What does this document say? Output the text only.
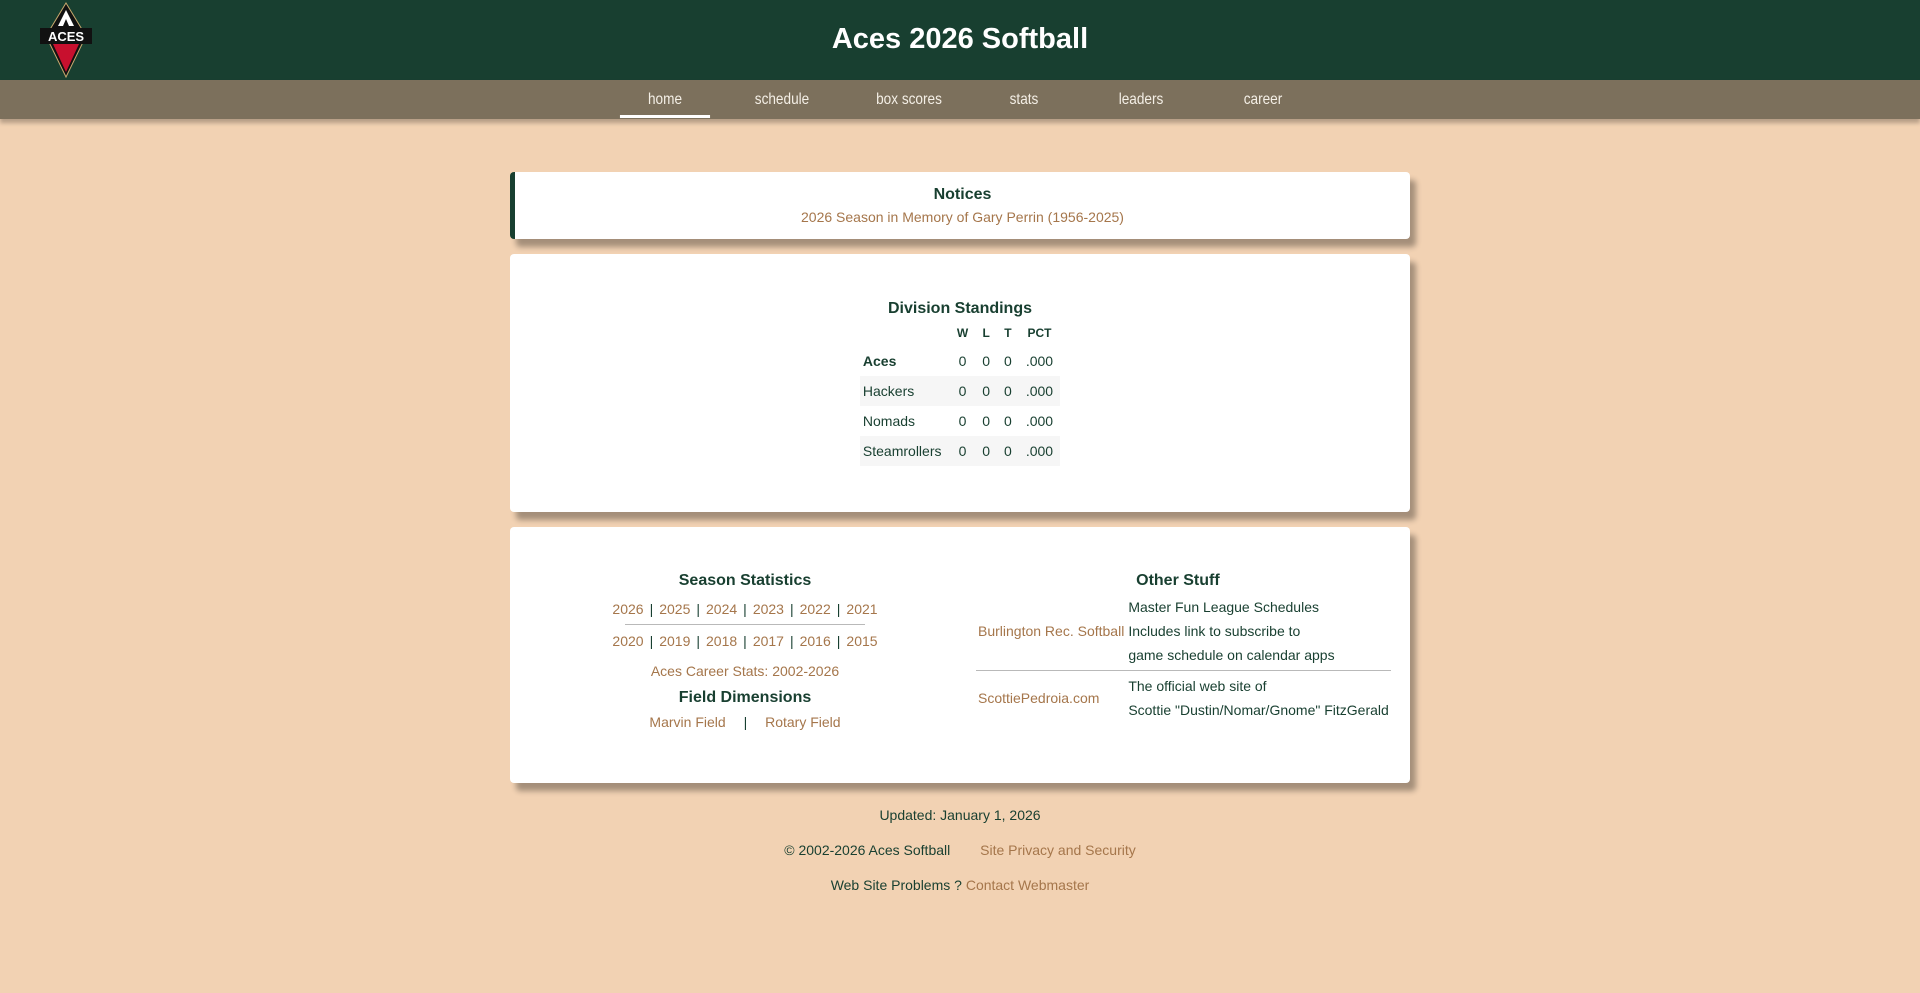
ACES	Aces 2026 Softball
home	schedule	box scores	stats	leaders	career
Notices
2026 Season in Memory of Gary Perrin (1956-2025)
Division Standings
	W	L	T	PCT
Aces	0	0	0	.000
Hackers	0	0	0	.000
Nomads	0	0	0	.000
Steamrollers	0	0	0	.000
Season Statistics
2026 | 2025 | 2024 | 2023 | 2022 | 2021
2020 | 2019 | 2018 | 2017 | 2016 | 2015
Aces Career Stats: 2002-2026
Field Dimensions
Marvin Field | Rotary Field
Other Stuff
Burlington Rec. Softball	Master Fun League Schedules
Includes link to subscribe to
game schedule on calendar apps

ScottiePedroia.com	The official web site of
Scottie "Dustin/Nomar/Gnome" FitzGerald
Updated: January 1, 2026
© 2002-2026 Aces Softball Site Privacy and Security
Web Site Problems ? Contact Webmaster
